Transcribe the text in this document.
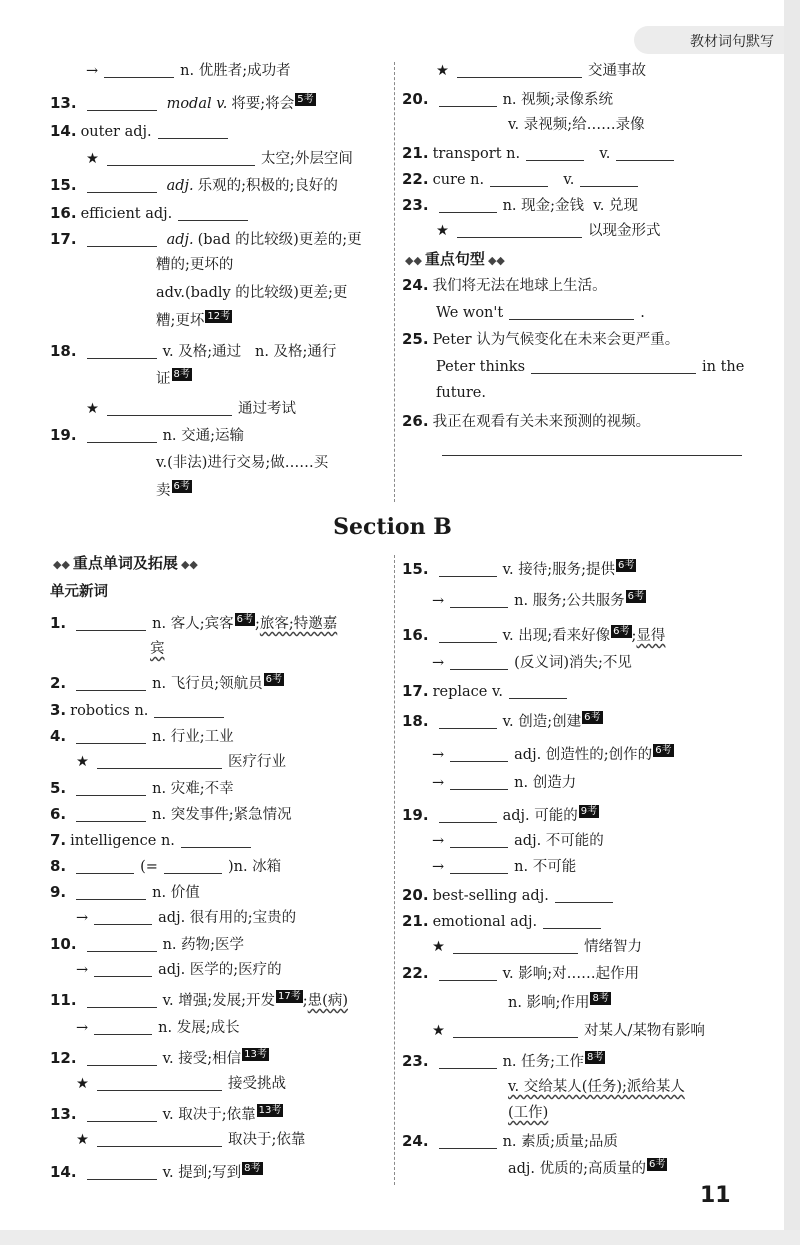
教材词句默写
→	n. 优胜者;成功者
13.	modal v. 将要;将会 5考
14. outer adj.
★	太空;外层空间
15.	adj. 乐观的;积极的;良好的
16. efficient adj.
17.	adj. (bad 的比较级)更差的;更
糟的;更坏的
adv.(badly 的比较级)更差;更
糟;更坏 12考
18.	v. 及格;通过 n. 及格;通行
证 8考
★	通过考试
19.	n. 交通;运输
v.(非法)进行交易;做……买
卖 6考
★	交通事故
20.	n. 视频;录像系统
v. 录视频;给……录像
21. transport n.	v.
22. cure n.	v.
23.	n. 现金;金钱 v. 兑现
★	以现金形式
◆◆ 重点句型 ◆◆
24. 我们将无法在地球上生活。
We won't	.
25. Peter 认为气候变化在未来会更严重。
Peter thinks	in the
future.
26. 我正在观看有关未来预测的视频。
Section B
◆◆ 重点单词及拓展 ◆◆
单元新词
1.	n. 客人;宾客 6考 ;旅客;特邀嘉
宾
2.	n. 飞行员;领航员 6考
3. robotics n.
4.	n. 行业;工业
★	医疗行业
5.	n. 灾难;不幸
6.	n. 突发事件;紧急情况
7. intelligence n.
8.	(=	)n. 冰箱
9.	n. 价值
→	adj. 很有用的;宝贵的
10.	n. 药物;医学
→	adj. 医学的;医疗的
11.	v. 增强;发展;开发 17考 ;患(病)
→	n. 发展;成长
12.	v. 接受;相信 13考
★	接受挑战
13.	v. 取决于;依靠 13考
★	取决于;依靠
14.	v. 提到;写到 8考
15.	v. 接待;服务;提供 6考
→	n. 服务;公共服务 6考
16.	v. 出现;看来好像 6考 ;显得
→	(反义词)消失;不见
17. replace v.
18.	v. 创造;创建 6考
→	adj. 创造性的;创作的 6考
→	n. 创造力
19.	adj. 可能的 9考
→	adj. 不可能的
→	n. 不可能
20. best-selling adj.
21. emotional adj.
★	情绪智力
22.	v. 影响;对……起作用
n. 影响;作用 8考
★	对某人/某物有影响
23.	n. 任务;工作 8考
v. 交给某人(任务);派给某人
(工作)
24.	n. 素质;质量;品质
adj. 优质的;高质量的 6考
11
